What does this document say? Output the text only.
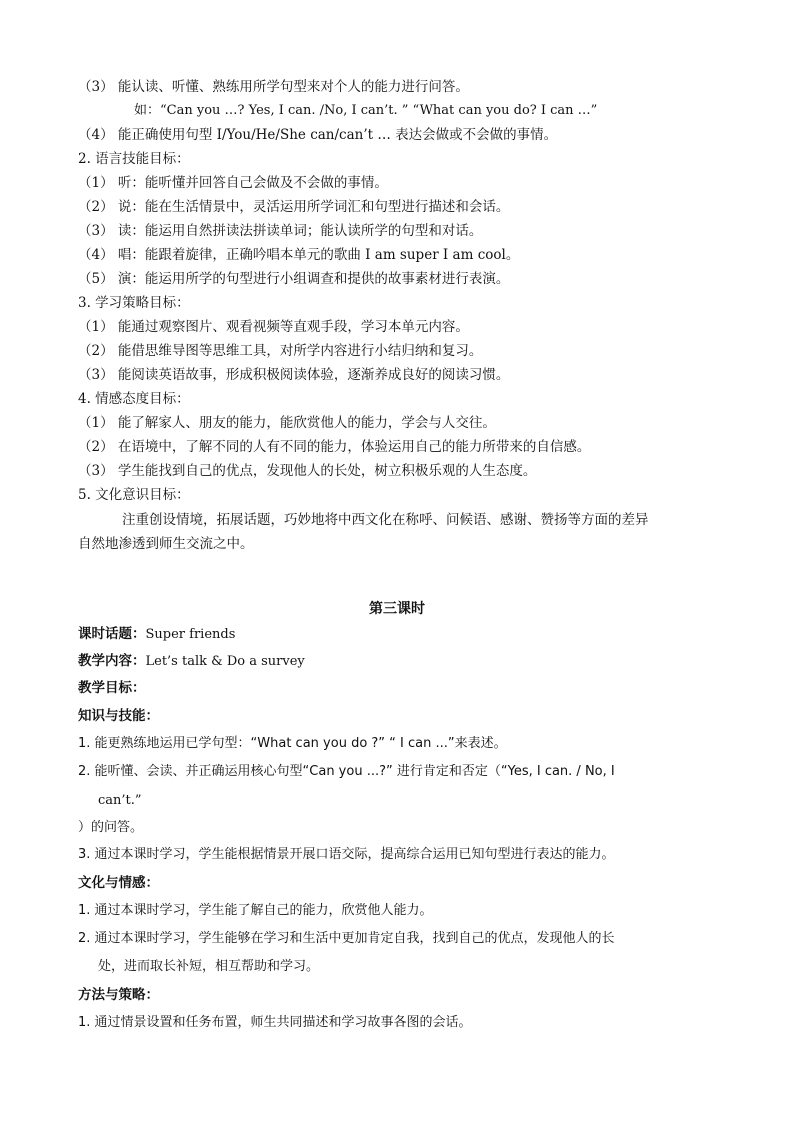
（3） 能认读、听懂、熟练用所学句型来对个人的能力进行问答。
如：“Can you …? Yes, I can. /No, I can’t. ” “What can you do? I can …”
（4） 能正确使用句型 I/You/He/She can/can’t … 表达会做或不会做的事情。
2. 语言技能目标：
（1） 听：能听懂并回答自己会做及不会做的事情。
（2） 说：能在生活情景中，灵活运用所学词汇和句型进行描述和会话。
（3） 读：能运用自然拼读法拼读单词；能认读所学的句型和对话。
（4） 唱：能跟着旋律，正确吟唱本单元的歌曲 I am super I am cool。
（5） 演：能运用所学的句型进行小组调查和提供的故事素材进行表演。
3. 学习策略目标：
（1） 能通过观察图片、观看视频等直观手段，学习本单元内容。
（2） 能借思维导图等思维工具，对所学内容进行小结归纳和复习。
（3） 能阅读英语故事，形成积极阅读体验，逐渐养成良好的阅读习惯。
4. 情感态度目标：
（1） 能了解家人、朋友的能力，能欣赏他人的能力，学会与人交往。
（2） 在语境中，了解不同的人有不同的能力，体验运用自己的能力所带来的自信感。
（3） 学生能找到自己的优点，发现他人的长处，树立积极乐观的人生态度。
5. 文化意识目标：
注重创设情境，拓展话题，巧妙地将中西文化在称呼、问候语、感谢、赞扬等方面的差异
自然地渗透到师生交流之中。
第三课时
课时话题：Super friends
教学内容：Let’s talk & Do a survey
教学目标：
知识与技能：
1. 能更熟练地运用已学句型：“What can you do ?” “ I can ...”来表述。
2. 能听懂、会读、并正确运用核心句型“Can you ...?” 进行肯定和否定（“Yes, I can. / No, I
can’t.”
）的问答。
3. 通过本课时学习，学生能根据情景开展口语交际，提高综合运用已知句型进行表达的能力。
文化与情感：
1. 通过本课时学习，学生能了解自己的能力，欣赏他人能力。
2. 通过本课时学习，学生能够在学习和生活中更加肯定自我，找到自己的优点，发现他人的长
处，进而取长补短，相互帮助和学习。
方法与策略：
1. 通过情景设置和任务布置，师生共同描述和学习故事各图的会话。
